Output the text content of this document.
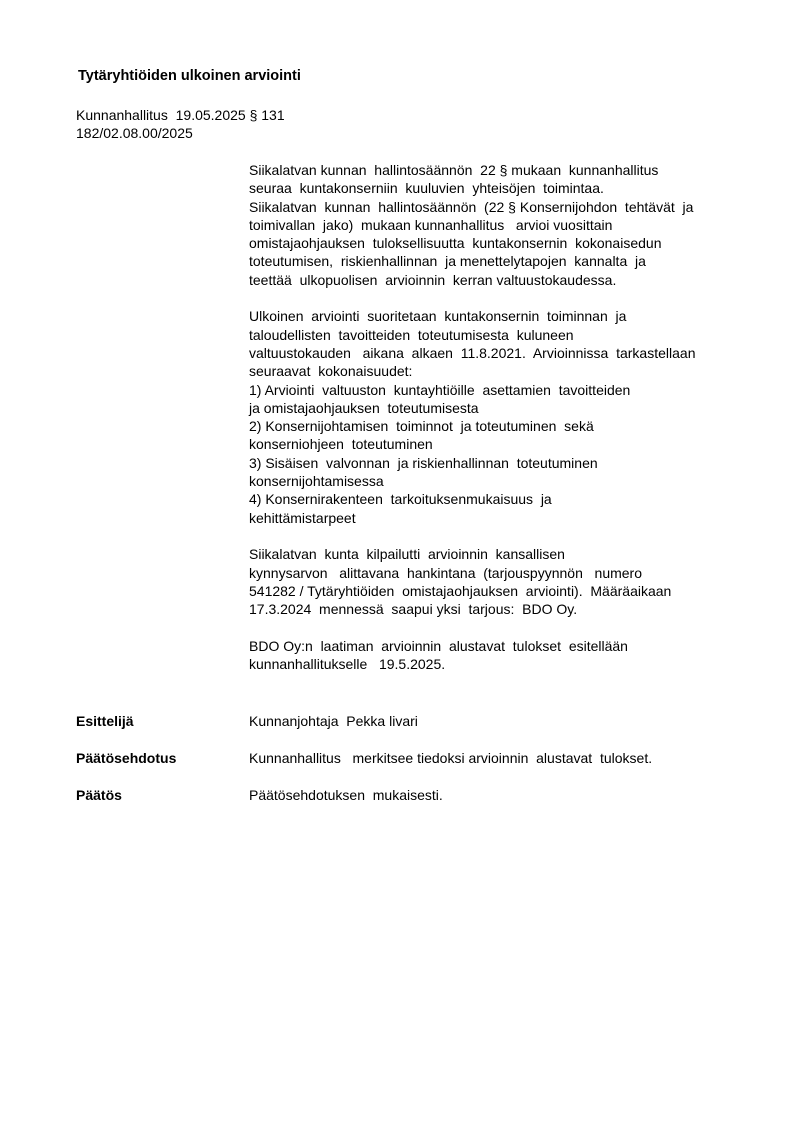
Tytäryhtiöiden ulkoinen arviointi
Kunnanhallitus  19.05.2025 § 131
182/02.08.00/2025
Siikalatvan kunnan  hallintosäännön  22 § mukaan  kunnanhallitus
seuraa  kuntakonserniin  kuuluvien  yhteisöjen  toimintaa.
Siikalatvan  kunnan  hallintosäännön  (22 § Konsernijohdon  tehtävät  ja
toimivallan  jako)  mukaan kunnanhallitus   arvioi vuosittain
omistajaohjauksen  tuloksellisuutta  kuntakonsernin  kokonaisedun
toteutumisen,  riskienhallinnan  ja menettelytapojen  kannalta  ja
teettää  ulkopuolisen  arvioinnin  kerran valtuustokaudessa.
Ulkoinen  arviointi  suoritetaan  kuntakonsernin  toiminnan  ja
taloudellisten  tavoitteiden  toteutumisesta  kuluneen
valtuustokauden   aikana  alkaen  11.8.2021.  Arvioinnissa  tarkastellaan
seuraavat  kokonaisuudet:
1) Arviointi  valtuuston  kuntayhtiöille  asettamien  tavoitteiden
ja omistajaohjauksen  toteutumisesta
2) Konsernijohtamisen  toiminnot  ja toteutuminen  sekä
konserniohjeen  toteutuminen
3) Sisäisen  valvonnan  ja riskienhallinnan  toteutuminen
konsernijohtamisessa
4) Konsernirakenteen  tarkoituksenmukaisuus  ja
kehittämistarpeet
Siikalatvan  kunta  kilpailutti  arvioinnin  kansallisen
kynnysarvon   alittavana  hankintana  (tarjouspyynnön   numero
541282 / Tytäryhtiöiden  omistajaohjauksen  arviointi).  Määräaikaan
17.3.2024  mennessä  saapui yksi  tarjous:  BDO Oy.
BDO Oy:n  laatiman  arvioinnin  alustavat  tulokset  esitellään
kunnanhallitukselle   19.5.2025.
Esittelijä	Kunnanjohtaja  Pekka livari
Päätösehdotus	Kunnanhallitus   merkitsee tiedoksi arvioinnin  alustavat  tulokset.
Päätös	Päätösehdotuksen  mukaisesti.
